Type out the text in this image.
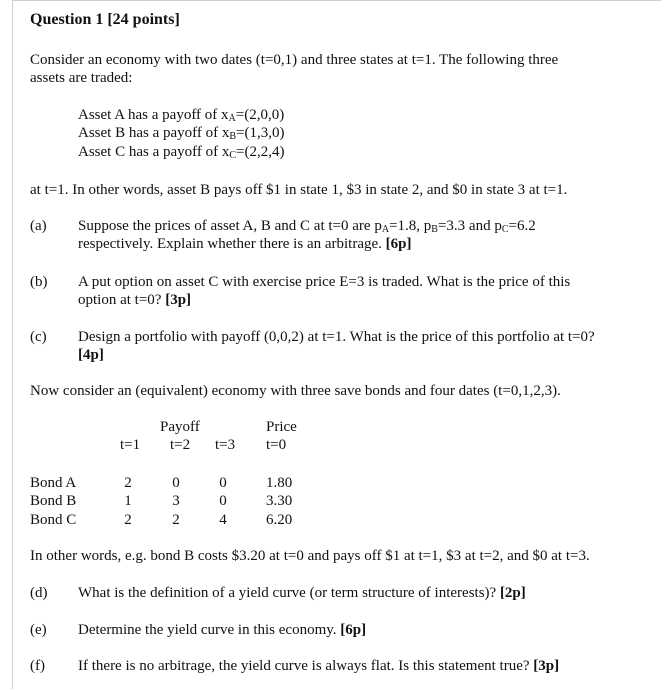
Question 1 [24 points]
Consider an economy with two dates (t=0,1) and three states at t=1. The following three
assets are traded:
Asset A has a payoff of $x_A=(2,0,0)$
Asset B has a payoff of $x_B=(1,3,0)$
Asset C has a payoff of $x_C=(2,2,4)$
at t=1. In other words, asset B pays off $1 in state 1, $3 in state 2, and $0 in state 3 at t=1.
(a)	Suppose the prices of asset A, B and C at t=0 are $p_A=1.8$, $p_B=3.3$ and $p_C=6.2$
respectively. Explain whether there is an arbitrage. [6p]
(b)	A put option on asset C with exercise price E=3 is traded. What is the price of this
option at t=0? [3p]
(c)	Design a portfolio with payoff (0,0,2) at t=1. What is the price of this portfolio at t=0?
[4p]
Now consider an (equivalent) economy with three save bonds and four dates (t=0,1,2,3).
Payoff	Price
t=1 t=2 t=3 t=0
Bond A	2	0	0	1.80
Bond B	1	3	0	3.30
Bond C	2	2	4	6.20
In other words, e.g. bond B costs $3.20 at t=0 and pays off $1 at t=1, $3 at t=2, and $0 at t=3.
(d)	What is the definition of a yield curve (or term structure of interests)? [2p]
(e)	Determine the yield curve in this economy. [6p]
(f)	If there is no arbitrage, the yield curve is always flat. Is this statement true? [3p]
